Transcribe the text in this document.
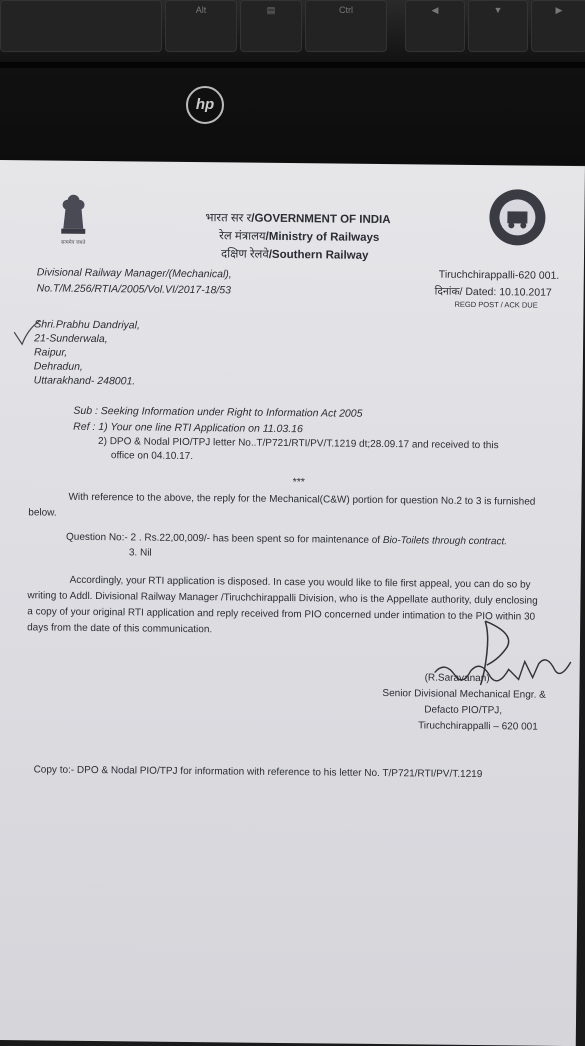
Alt	▤	Ctrl	◀	▼	▶
hp
सत्यमेव जयते
भारत सर र/GOVERNMENT OF INDIA
रेल मंत्रालय/Ministry of Railways
दक्षिण रेलवे/Southern Railway
Divisional Railway Manager/(Mechanical),
No.T/M.256/RTIA/2005/Vol.VI/2017-18/53
Tiruchchirappalli-620 001.
दिनांक/ Dated: 10.10.2017
REGD POST / ACK DUE
Shri.Prabhu Dandriyal,
21-Sunderwala,
Raipur,
Dehradun,
Uttarakhand- 248001.
Sub : Seeking Information under Right to Information Act 2005
Ref : 1) Your one line RTI Application on 11.03.16
2) DPO & Nodal PIO/TPJ letter No..T/P721/RTI/PV/T.1219 dt;28.09.17 and received to this
office on 04.10.17.
***
With reference to the above, the reply for the Mechanical(C&W) portion for question No.2 to 3 is furnished
below.
Question No:- 2 . Rs.22,00,009/- has been spent so for maintenance of Bio-Toilets through contract.
3. Nil
Accordingly, your RTI application is disposed. In case you would like to file first appeal, you can do so by
writing to Addl. Divisional Railway Manager /Tiruchchirappalli Division, who is the Appellate authority, duly enclosing
a copy of your original RTI application and reply received from PIO concerned under intimation to the PIO within 30
days from the date of this communication.
(R.Saravanan)
Senior Divisional Mechanical Engr. &
Defacto PIO/TPJ,
Tiruchchirappalli – 620 001
Copy to:- DPO & Nodal PIO/TPJ for information with reference to his letter No. T/P721/RTI/PV/T.1219
